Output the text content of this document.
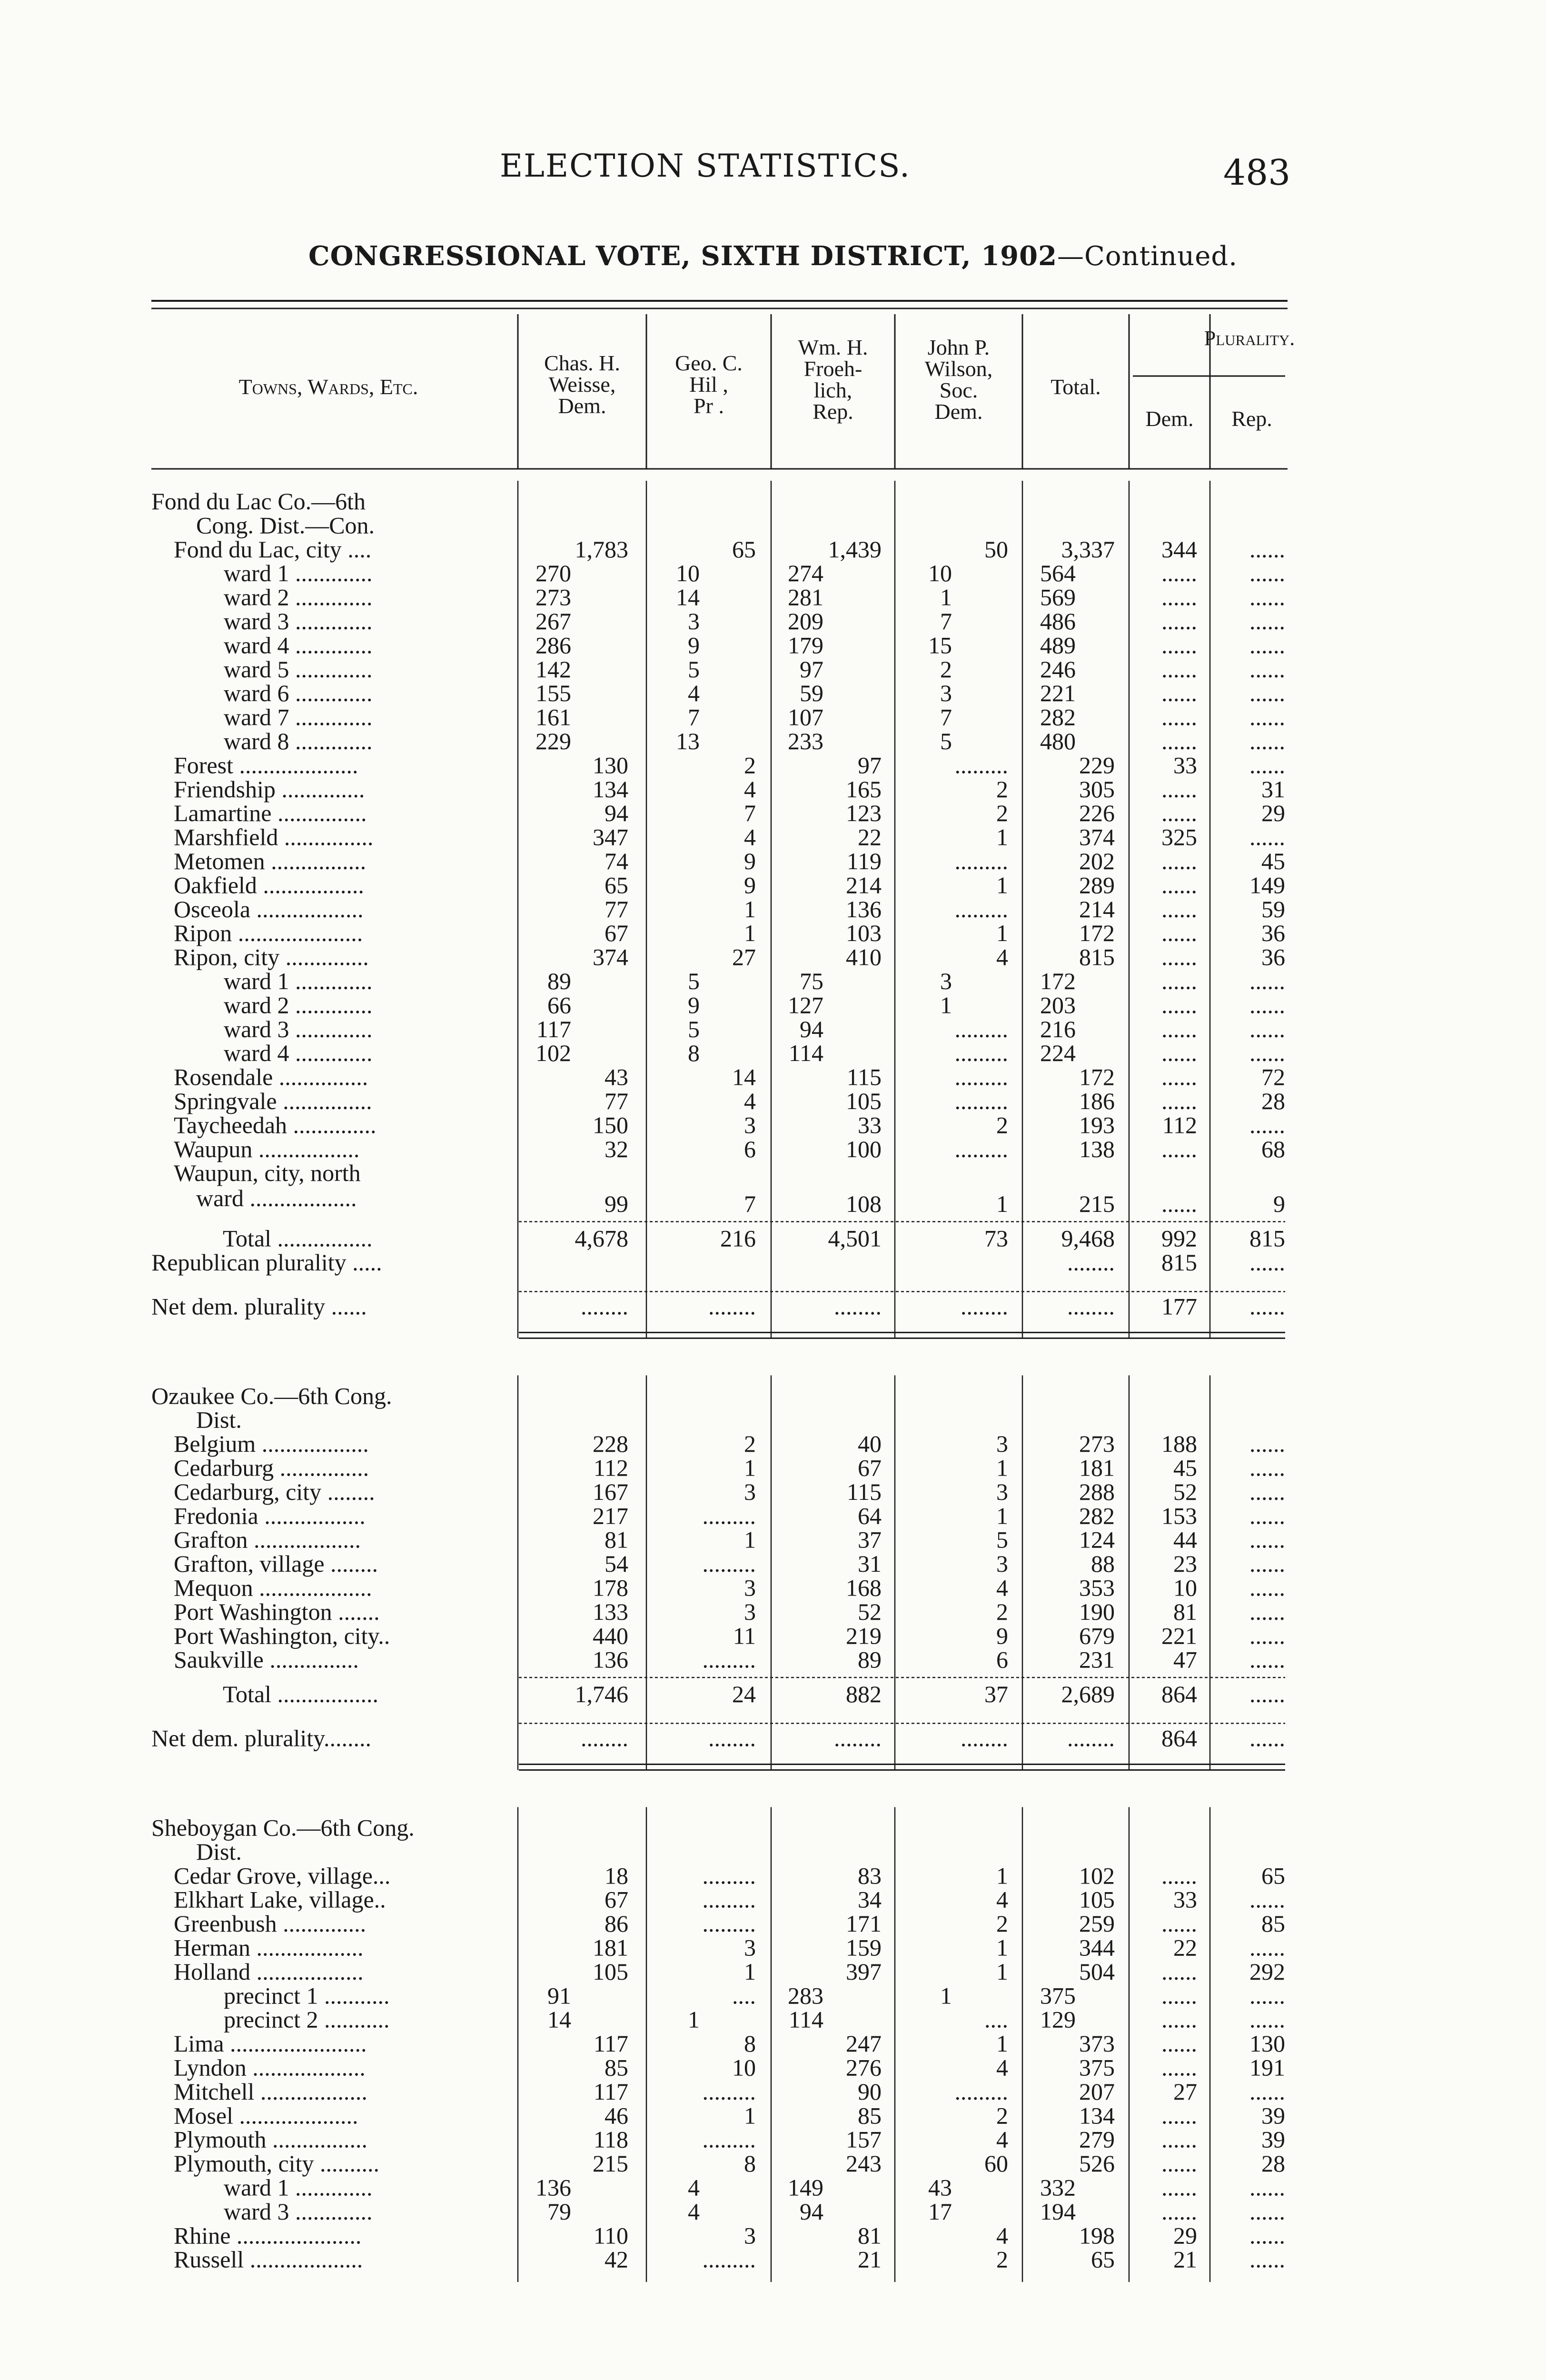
ELECTION STATISTICS.	483
CONGRESSIONAL VOTE, SIXTH DISTRICT, 1902—Continued.
Towns, Wards, Etc.
Chas. H.
Weisse,
Dem.
Geo. C.
Hil ,
Pr .
Wm. H.
Froeh-
lich,
Rep.
John P.
Wilson,
Soc.
Dem.
Total.
Plurality.
Dem. Rep.
Fond du Lac Co.—6th
Cong. Dist.—Con.
Fond du Lac, city ....	1,783	65	1,439	50 3,337 344 ......
ward 1 .............	270	10	274	10	564	...... ......
ward 2 .............	273	14	281	1	569	...... ......
ward 3 .............	267	3	209	7	486	...... ......
ward 4 .............	286	9	179	15	489	...... ......
ward 5 .............	142	5	97	2	246	...... ......
ward 6 .............	155	4	59	3	221	...... ......
ward 7 .............	161	7	107	7	282	...... ......
ward 8 .............	229	13	233	5	480	...... ......
Forest ....................	130	2	97	.........	229 33 ......
Friendship ..............	134	4	165	2	305 ......	31
Lamartine ...............	94	7	123	2	226 ......	29
Marshfield ...............	347	4	22	1	374 325 ......
Metomen ................	74	9	119	.........	202 ......	45
Oakfield .................	65	9	214	1	289 ...... 149
Osceola ..................	77	1	136	.........	214 ......	59
Ripon .....................	67	1	103	1	172 ......	36
Ripon, city ..............	374	27	410	4	815 ......	36
ward 1 .............	89	5	75	3	172	...... ......
ward 2 .............	66	9	127	1	203	...... ......
ward 3 .............	117	5	94	......... 216	...... ......
ward 4 .............	102	8	114	......... 224	...... ......
Rosendale ...............	43	14	115	.........	172 ......	72
Springvale ...............	77	4	105	.........	186 ......	28
Taycheedah ..............	150	3	33	2	193 112 ......
Waupun .................	32	6	100	.........	138 ......	68
Waupun, city, north
ward ..................	99	7	108	1	215 ......	9
Total ................	4,678	216	4,501	73 9,468 992 815
Republican plurality .....	........ 815 ......
Net dem. plurality ......	........	........	........	........ ........ 177 ......
Ozaukee Co.—6th Cong.
Dist.
Belgium ..................	228	2	40	3	273 188 ......
Cedarburg ...............	112	1	67	1	181 45 ......
Cedarburg, city ........	167	3	115	3	288 52 ......
Fredonia .................	217	.........	64	1	282 153 ......
Grafton ..................	81	1	37	5	124 44 ......
Grafton, village ........	54	.........	31	3	88 23 ......
Mequon ...................	178	3	168	4	353 10 ......
Port Washington .......	133	3	52	2	190 81 ......
Port Washington, city..	440	11	219	9	679 221 ......
Saukville ...............	136	.........	89	6	231 47 ......
Total .................	1,746	24	882	37 2,689 864 ......
Net dem. plurality........	........	........	........	........ ........ 864 ......
Sheboygan Co.—6th Cong.
Dist.
Cedar Grove, village...	18	.........	83	1	102 ......	65
Elkhart Lake, village..	67	.........	34	4	105 33 ......
Greenbush ..............	86	.........	171	2	259 ......	85
Herman ..................	181	3	159	1	344 22 ......
Holland ..................	105	1	397	1	504 ...... 292
precinct 1 ...........	91	.... 283	1	375	...... ......
precinct 2 ...........	14	1	114	.... 129	...... ......
Lima .......................	117	8	247	1	373 ...... 130
Lyndon ...................	85	10	276	4	375 ...... 191
Mitchell ..................	117	.........	90	.........	207 27 ......
Mosel ....................	46	1	85	2	134 ......	39
Plymouth ................	118	.........	157	4	279 ......	39
Plymouth, city ..........	215	8	243	60	526 ......	28
ward 1 .............	136	4	149	43	332	...... ......
ward 3 .............	79	4	94	17	194	...... ......
Rhine .....................	110	3	81	4	198 29 ......
Russell ...................	42	.........	21	2	65 21 ......
